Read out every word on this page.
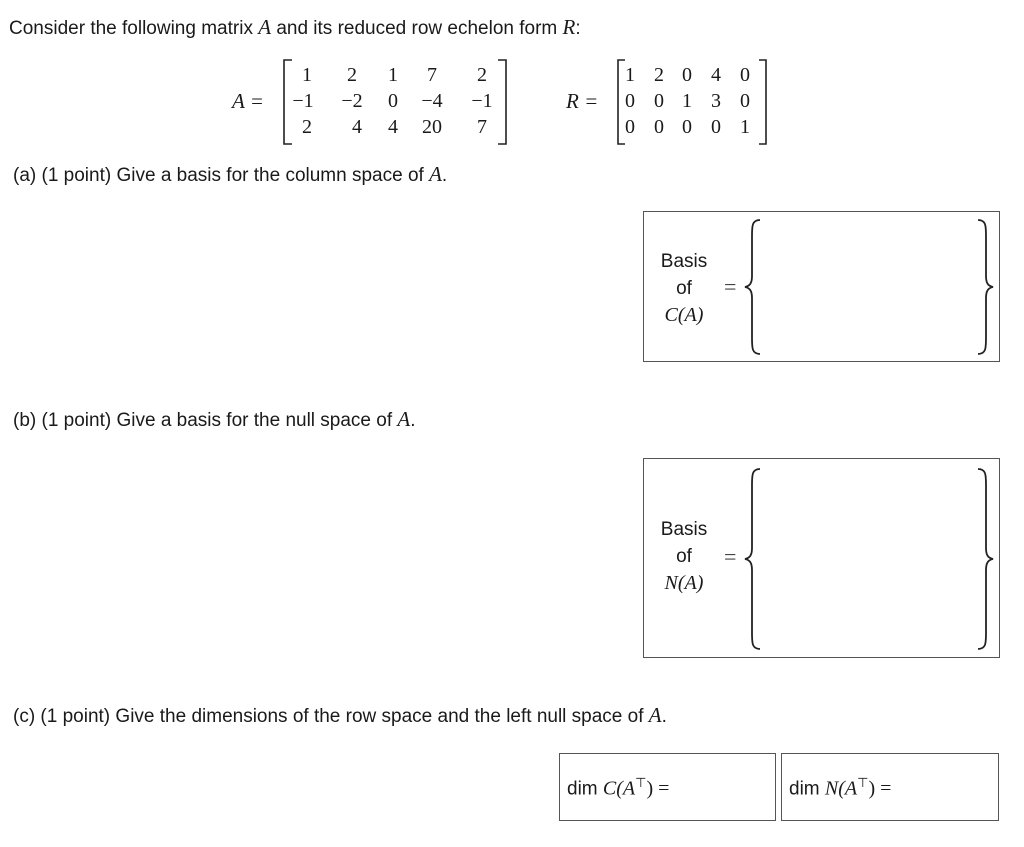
Consider the following matrix A and its reduced row echelon form R:
A =
1	2	1	7	2
−1	−2	0	−4	−1
2	4	4	20	7
R =
1 2 0 4 0
0 0 1 3 0
0 0 0 0 1
(a) (1 point) Give a basis for the column space of A.
Basis
of
C(A)
=
(b) (1 point) Give a basis for the null space of A.
Basis
of
N(A)
=
(c) (1 point) Give the dimensions of the row space and the left null space of A.
dim C(A⊤) =	dim N(A⊤) =
